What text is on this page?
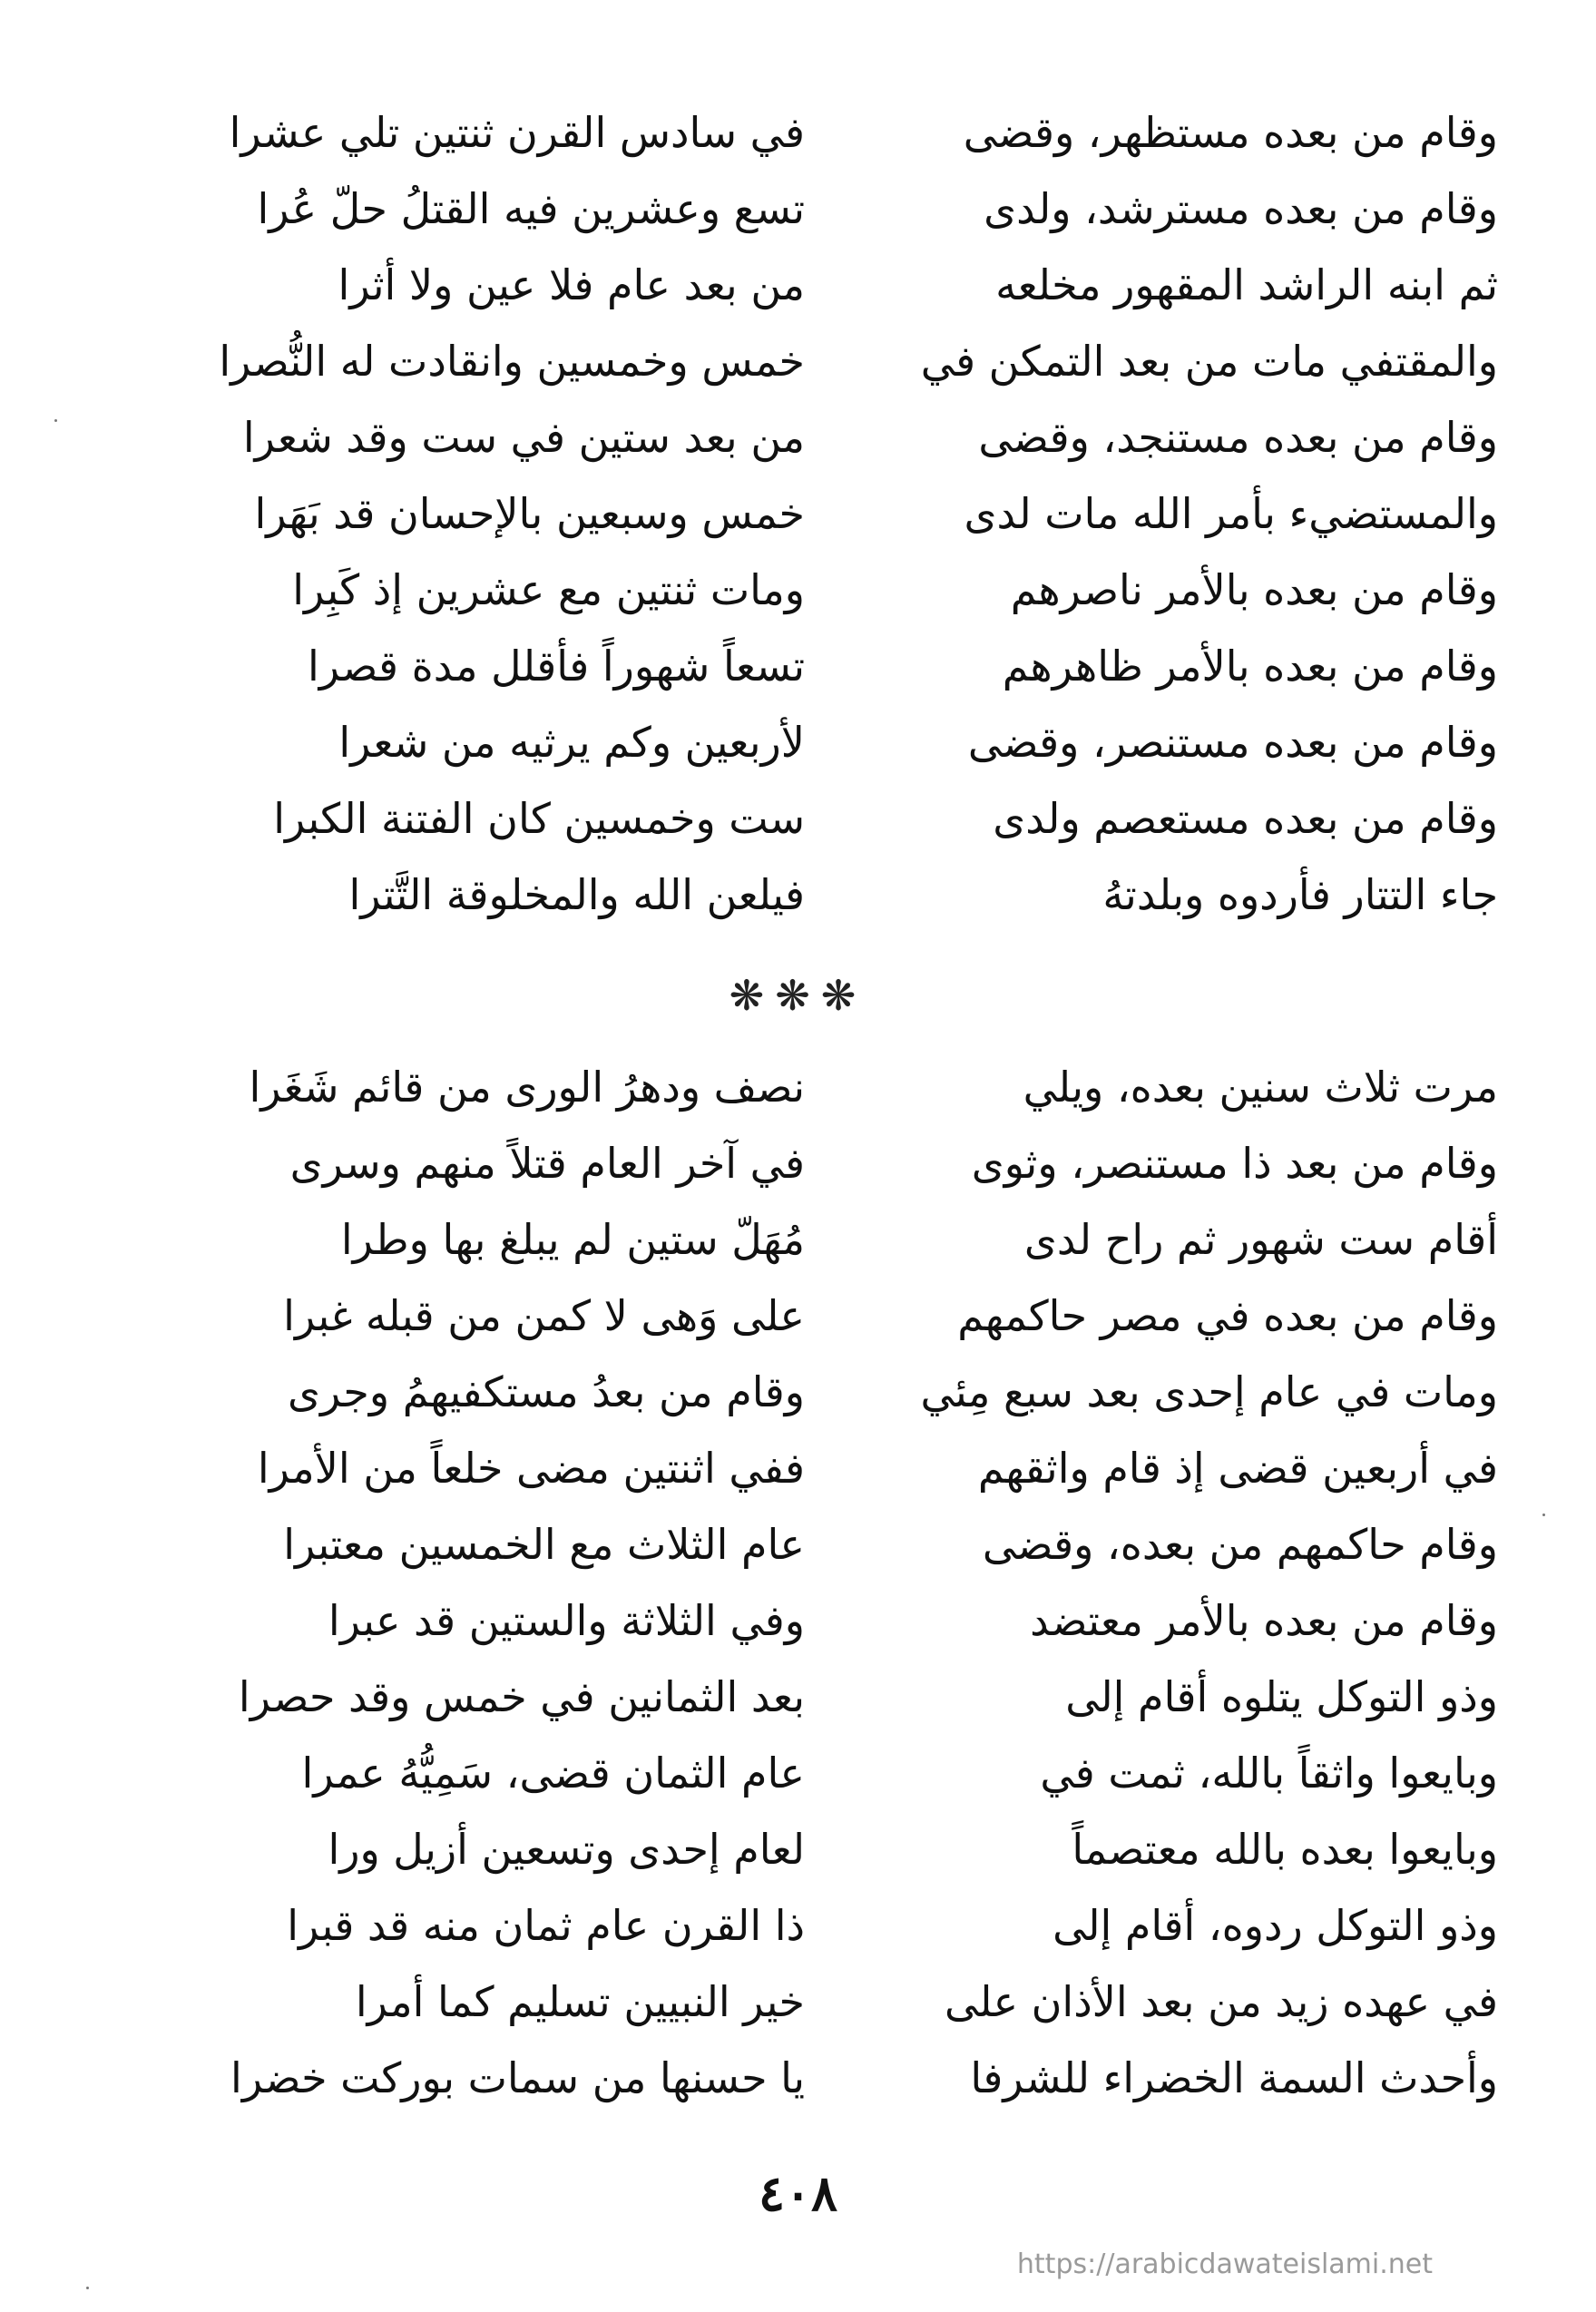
وقام من بعده مستظهر، وقضى
وقام من بعده مسترشد، ولدى
ثم ابنه الراشد المقهور مخلعه
والمقتفي مات من بعد التمكن في
وقام من بعده مستنجد، وقضى
والمستضيء بأمر الله مات لدى
وقام من بعده بالأمر ناصرهم
وقام من بعده بالأمر ظاهرهم
وقام من بعده مستنصر، وقضى
وقام من بعده مستعصم ولدى
جاء التتار فأردوه وبلدتهُ
في سادس القرن ثنتين تلي عشرا
تسع وعشرين فيه القتلُ حلّ عُرا
من بعد عام فلا عين ولا أثرا
خمس وخمسين وانقادت له النُّصرا
من بعد ستين في ست وقد شعرا
خمس وسبعين بالإحسان قد بَهَرا
ومات ثنتين مع عشرين إذ كَبِرا
تسعاً شهوراً فأقلل مدة قصرا
لأربعين وكم يرثيه من شعرا
ست وخمسين كان الفتنة الكبرا
فيلعن الله والمخلوقة التَّترا
❋❋❋
مرت ثلاث سنين بعده، ويلي
وقام من بعد ذا مستنصر، وثوى
أقام ست شهور ثم راح لدى
وقام من بعده في مصر حاكمهم
ومات في عام إحدى بعد سبع مِئي
في أربعين قضى إذ قام واثقهم
وقام حاكمهم من بعده، وقضى
وقام من بعده بالأمر معتضد
وذو التوكل يتلوه أقام إلى
وبايعوا واثقاً بالله، ثمت في
وبايعوا بعده بالله معتصماً
وذو التوكل ردوه، أقام إلى
في عهده زيد من بعد الأذان على
وأحدث السمة الخضراء للشرفا
نصف ودهرُ الورى من قائم شَغَرا
في آخر العام قتلاً منهم وسرى
مُهَلّ ستين لم يبلغ بها وطرا
على وَهى لا كمن من قبله غبرا
وقام من بعدُ مستكفيهمُ وجرى
ففي اثنتين مضى خلعاً من الأمرا
عام الثلاث مع الخمسين معتبرا
وفي الثلاثة والستين قد عبرا
بعد الثمانين في خمس وقد حصرا
عام الثمان قضى، سَمِيُّهُ عمرا
لعام إحدى وتسعين أزيل ورا
ذا القرن عام ثمان منه قد قبرا
خير النبيين تسليم كما أمرا
يا حسنها من سمات بوركت خضرا
٤٠٨
https://arabicdawateislami.net
